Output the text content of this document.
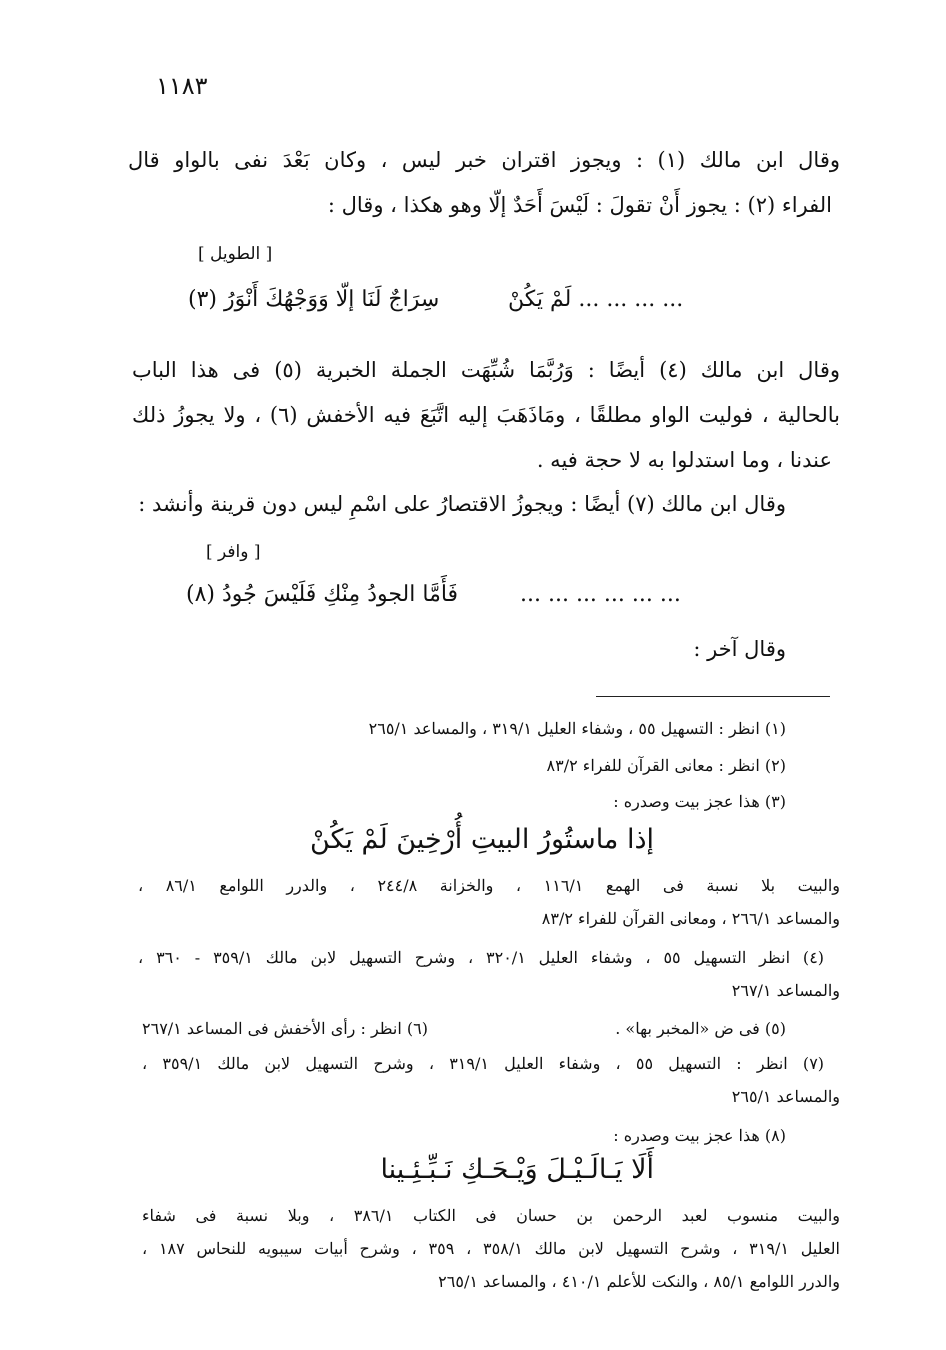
١١٨٣
وقال ابن مالك (١) : ويجوز اقتران خبر ليس ، وكان بَعْدَ نفى بالواو قال
الفراء (٢) : يجوز أَنْ تقولَ : لَيْسَ أَحَدٌ إلّا وهو هكذا ، وقال :
[ الطويل ]
سِرَاجٌ لَنَا إلّا وَوَجْهُكَ أَنْوَرُ (٣)	... ... ... ... لَمْ يَكُنْ
وقال ابن مالك (٤) أيضًا : وَرُبَّمَا شُبِّهَت الجملة الخبرية (٥) فى هذا الباب
بالحالية ، فوليت الواو مطلقًا ، ومَاذَهَبَ إليه اتَّبَعَ فيه الأخفش (٦) ، ولا يجوزُ ذلك
عندنا ، وما استدلوا به لا حجة فيه .
وقال ابن مالك (٧) أيضًا : ويجوزُ الاقتصارُ على اسْمِ ليس دون قرينة وأنشد :
[ وافر ]
فَأَمَّا الجودُ مِنْكِ فَلَيْسَ جُودُ (٨)	... ... ... ... ... ...
وقال آخر :
(١) انظر : التسهيل ٥٥ ، وشفاء العليل ٣١٩/١ ، والمساعد ٢٦٥/١
(٢) انظر : معانى القرآن للفراء ٨٣/٢
(٣) هذا عجز بيت وصدره :
إذا ماستُورُ البيتِ أُرْخِينَ لَمْ يَكُنْ
والبيت بلا نسبة فى الهمع ١١٦/١ ، والخزانة ٢٤٤/٨ ، والدرر اللوامع ٨٦/١ ،
والمساعد ٢٦٦/١ ، ومعانى القرآن للفراء ٨٣/٢
(٤) انظر التسهيل ٥٥ ، وشفاء العليل ٣٢٠/١ ، وشرح التسهيل لابن مالك ٣٥٩/١ - ٣٦٠ ،
والمساعد ٢٦٧/١
(٥) فى ض «المخبر بها» .
(٦) انظر : رأى الأخفش فى المساعد ٢٦٧/١
(٧) انظر : التسهيل ٥٥ ، وشفاء العليل ٣١٩/١ ، وشرح التسهيل لابن مالك ٣٥٩/١ ،
والمساعد ٢٦٥/١
(٨) هذا عجز بيت وصدره :
أَلَا يَـالَـيْـلَ وَيْـحَـكِ نَـبِّـئِـينا
والبيت منسوب لعبد الرحمن بن حسان فى الكتاب ٣٨٦/١ ، وبلا نسبة فى شفاء
العليل ٣١٩/١ ، وشرح التسهيل لابن مالك ٣٥٨/١ ، ٣٥٩ ، وشرح أبيات سيبويه للنحاس ١٨٧ ،
والدرر اللوامع ٨٥/١ ، والنكت للأعلم ٤١٠/١ ، والمساعد ٢٦٥/١
